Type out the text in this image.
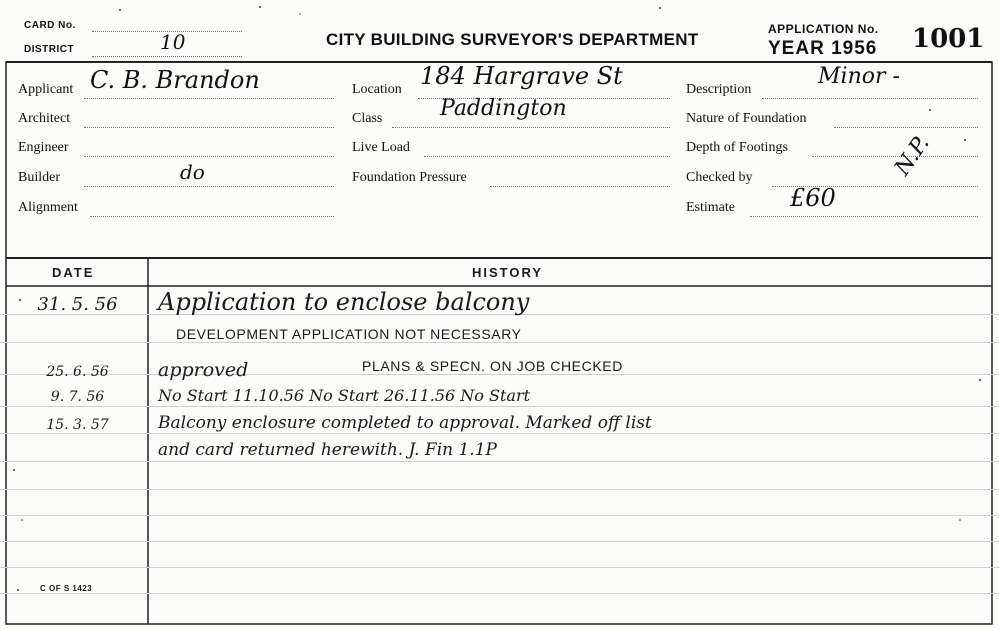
CARD No.
DISTRICT	10	CITY BUILDING SURVEYOR'S DEPARTMENT
APPLICATION No.
YEAR 1956 1001
Applicant C. B. Brandon
Architect
Engineer
Builder	do
Alignment
Location 184 Hargrave St
Class	Paddington
Live Load
Foundation Pressure
Description
Minor -
Nature of Foundation
Depth of Footings
Checked by	N.P.
Estimate £60
DATE	HISTORY
31. 5. 56	Application to enclose balcony
DEVELOPMENT APPLICATION NOT NECESSARY
25. 6. 56	approved	PLANS & SPECN. ON JOB CHECKED
9. 7. 56	No Start 11.10.56 No Start 26.11.56 No Start
15. 3. 57	Balcony enclosure completed to approval. Marked off list
and card returned herewith. J. Fin 1.1P
C OF S 1423
